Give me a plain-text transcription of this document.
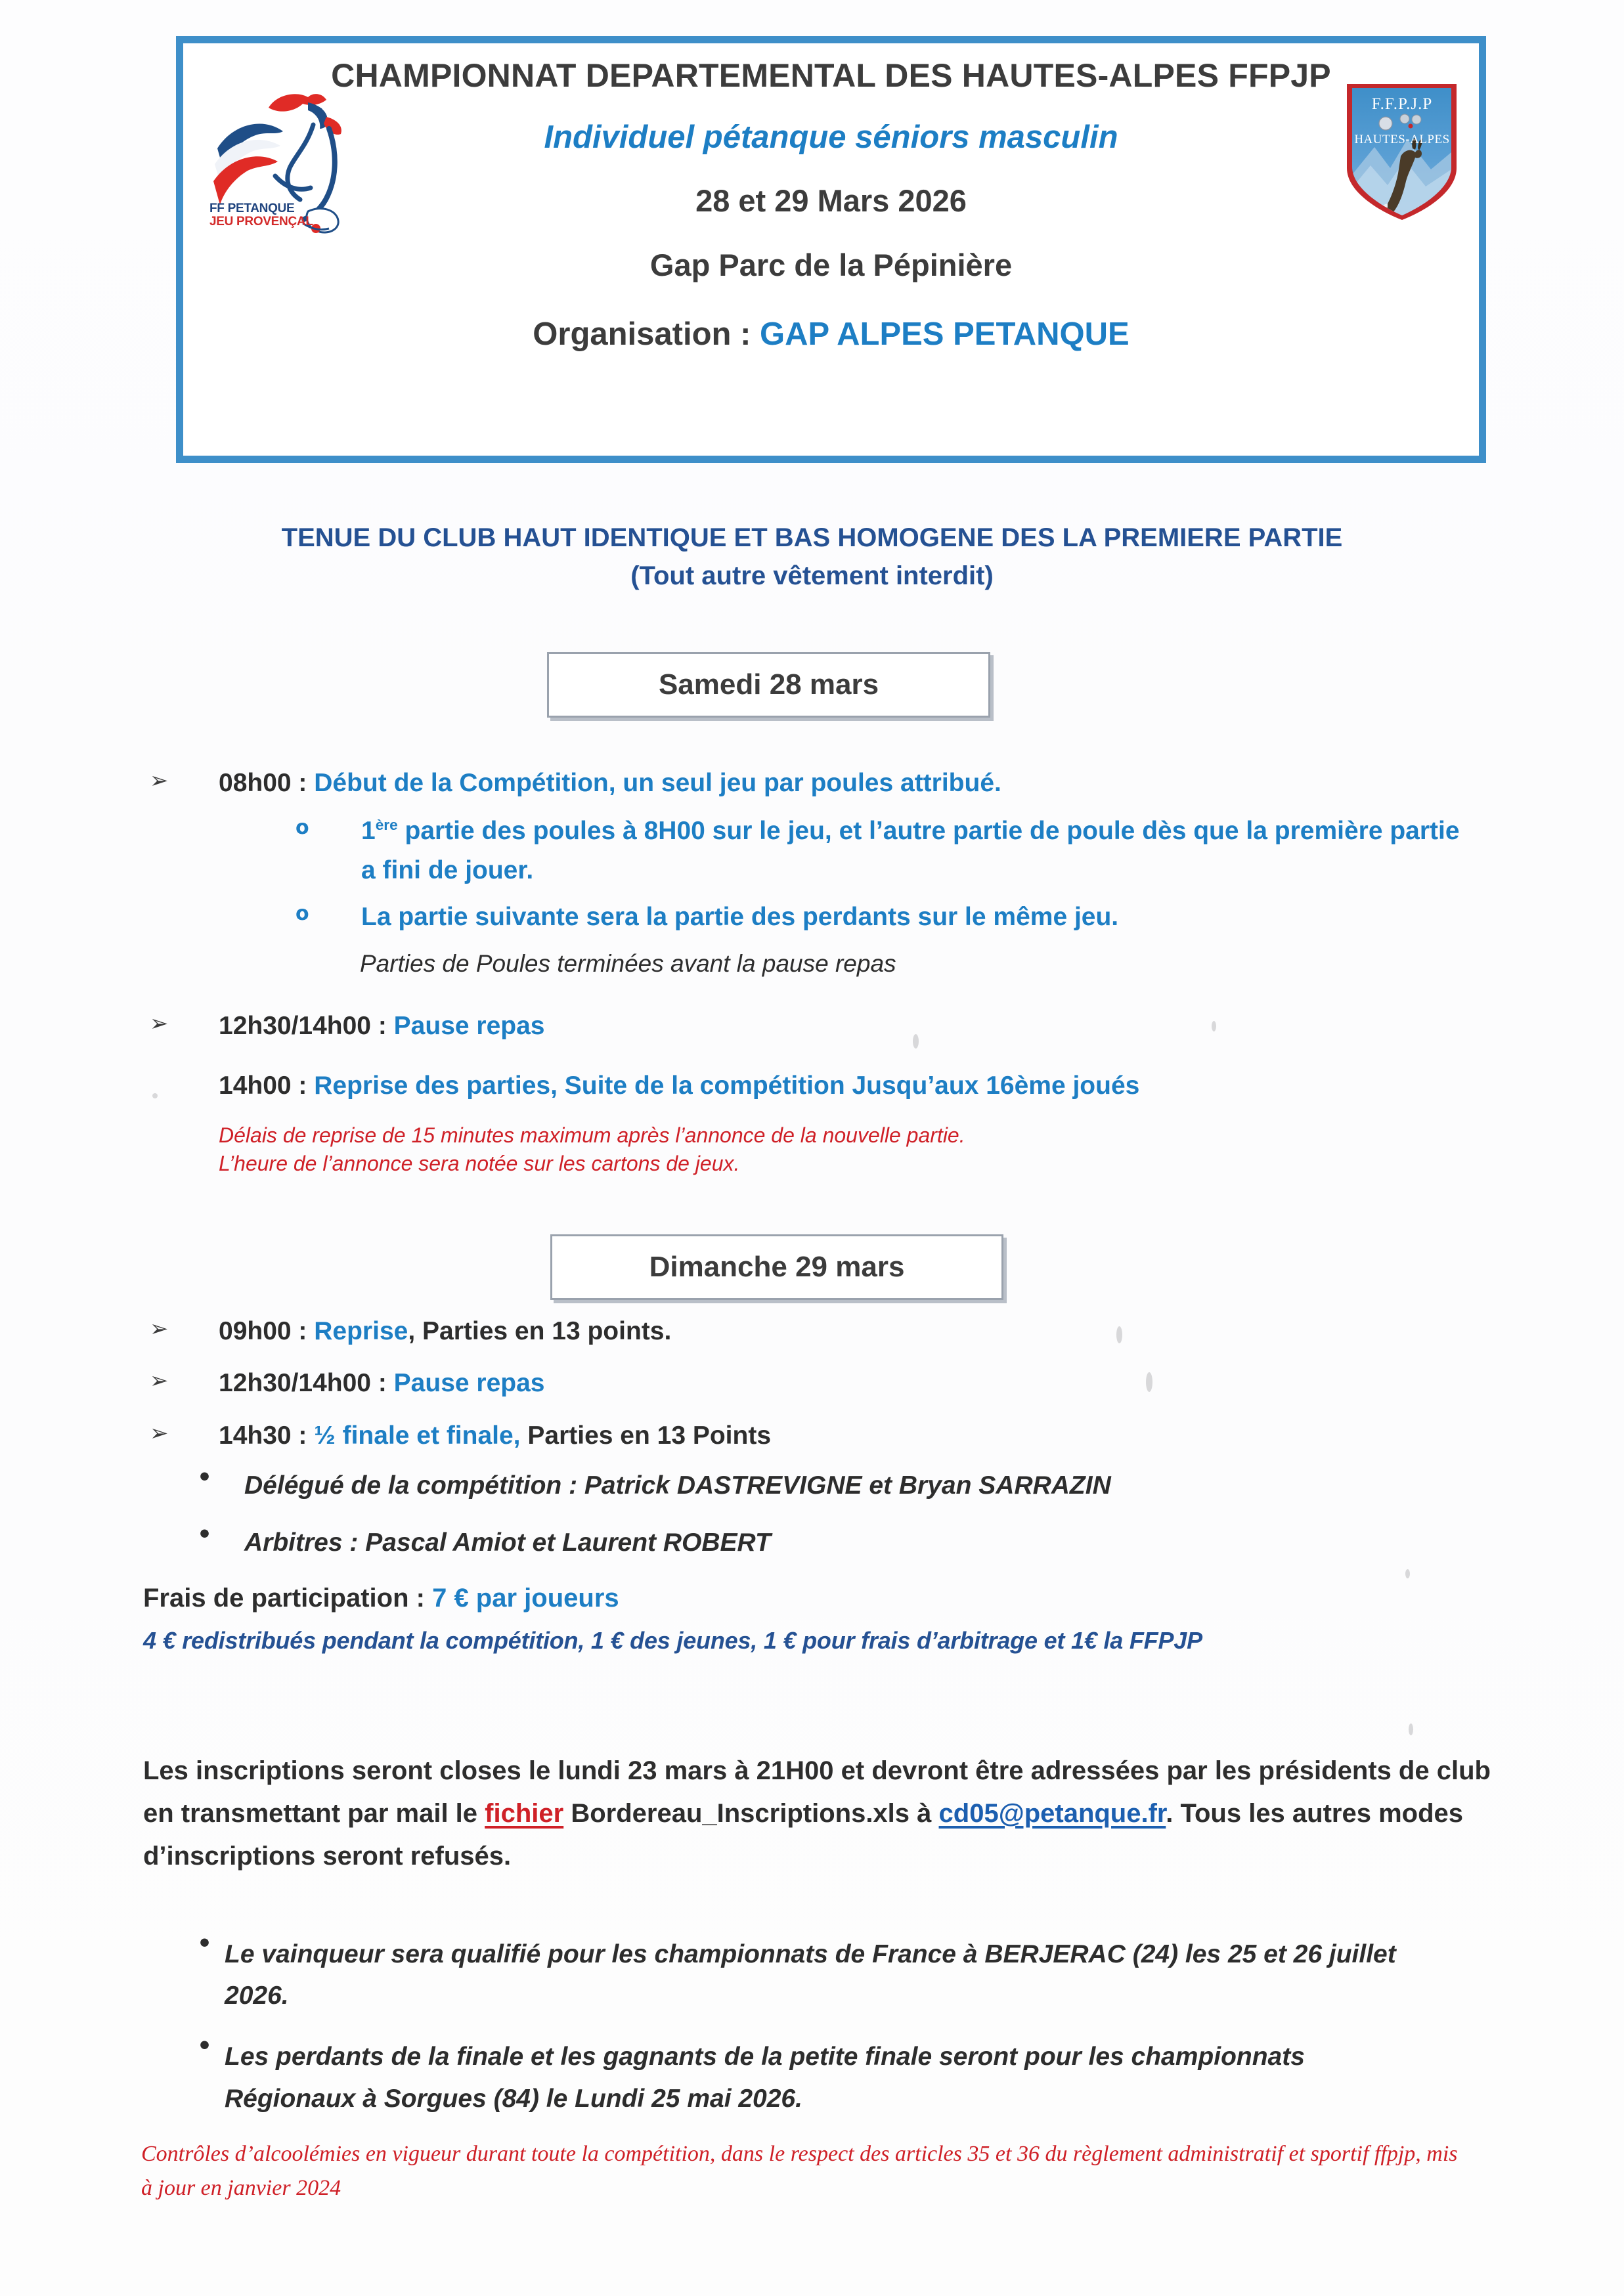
FF PETANQUE
JEU PROVENÇAL
F.F.P.J.P
HAUTES-ALPES
CHAMPIONNAT DEPARTEMENTAL DES HAUTES-ALPES FFPJP
Individuel pétanque séniors masculin
28 et 29 Mars 2026
Gap Parc de la Pépinière
Organisation : GAP ALPES PETANQUE
TENUE DU CLUB HAUT IDENTIQUE ET BAS HOMOGENE DES LA PREMIERE PARTIE
(Tout autre vêtement interdit)
Samedi 28 mars
➢ 08h00 : Début de la Compétition, un seul jeu par poules attribué.
o 1ère partie des poules à 8H00 sur le jeu, et l’autre partie de poule dès que la première partie a fini de jouer.
o La partie suivante sera la partie des perdants sur le même jeu.
Parties de Poules terminées avant la pause repas
➢ 12h30/14h00 : Pause repas
14h00 : Reprise des parties, Suite de la compétition Jusqu’aux 16ème joués
Délais de reprise de 15 minutes maximum après l’annonce de la nouvelle partie.
L’heure de l’annonce sera notée sur les cartons de jeux.
Dimanche 29 mars
➢ 09h00 : Reprise, Parties en 13 points.
➢ 12h30/14h00 : Pause repas
➢ 14h30 : ½ finale et finale, Parties en 13 Points
• Délégué de la compétition : Patrick DASTREVIGNE et Bryan SARRAZIN
• Arbitres : Pascal Amiot et Laurent ROBERT
Frais de participation : 7 € par joueurs
4 € redistribués pendant la compétition, 1 € des jeunes, 1 € pour frais d’arbitrage et 1€ la FFPJP
Les inscriptions seront closes le lundi 23 mars à 21H00 et devront être adressées par les présidents de club en transmettant par mail le fichier Bordereau_Inscriptions.xls à cd05@petanque.fr. Tous les autres modes d’inscriptions seront refusés.
• Le vainqueur sera qualifié pour les championnats de France à BERJERAC (24) les 25 et 26 juillet 2026.
• Les perdants de la finale et les gagnants de la petite finale seront pour les championnats Régionaux à Sorgues (84) le Lundi 25 mai 2026.
Contrôles d’alcoolémies en vigueur durant toute la compétition, dans le respect des articles 35 et 36 du règlement administratif et sportif ffpjp, mis à jour en janvier 2024
